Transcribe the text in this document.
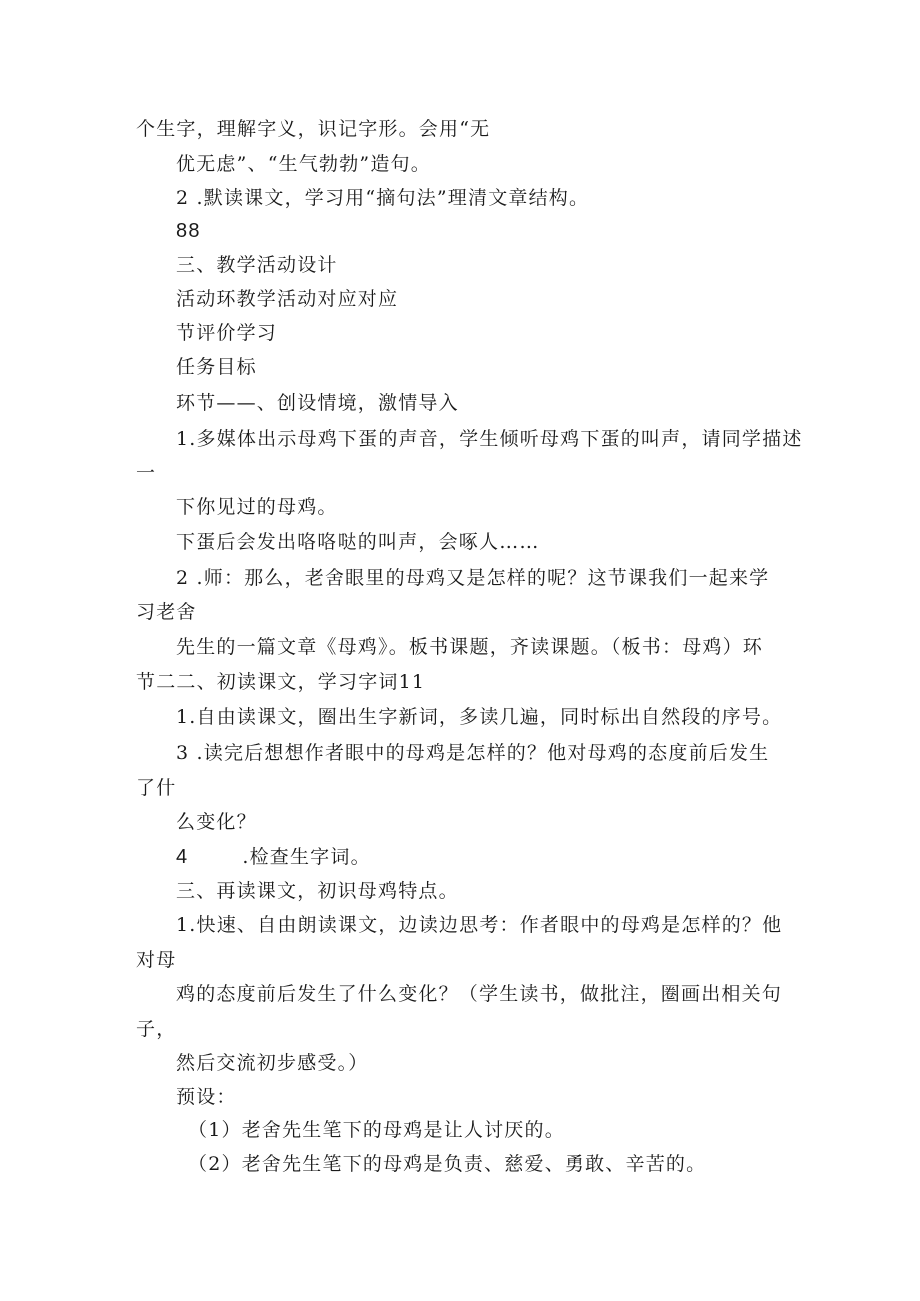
个生字，理解字义，识记字形。会用“无
优无虑”、“生气勃勃”造句。
2 .默读课文，学习用“摘句法”理清文章结构。
88
三、教学活动设计
活动环教学活动对应对应
节评价学习
任务目标
环节——、创设情境，激情导入
1.多媒体出示母鸡下蛋的声音，学生倾听母鸡下蛋的叫声，请同学描述
一
下你见过的母鸡。
下蛋后会发出咯咯哒的叫声，会啄人……
2 .师：那么，老舍眼里的母鸡又是怎样的呢？这节课我们一起来学
习老舍
先生的一篇文章《母鸡》。板书课题，齐读课题。（板书：母鸡）环
节二二、初读课文，学习字词11
1.自由读课文，圈出生字新词，多读几遍，同时标出自然段的序号。
3 .读完后想想作者眼中的母鸡是怎样的？他对母鸡的态度前后发生
了什
么变化？
4	.检查生字词。
三、再读课文，初识母鸡特点。
1.快速、自由朗读课文，边读边思考：作者眼中的母鸡是怎样的？他
对母
鸡的态度前后发生了什么变化？（学生读书，做批注，圈画出相关句
子，
然后交流初步感受。）
预设：
（1）老舍先生笔下的母鸡是让人讨厌的。
（2）老舍先生笔下的母鸡是负责、慈爱、勇敢、辛苦的。
